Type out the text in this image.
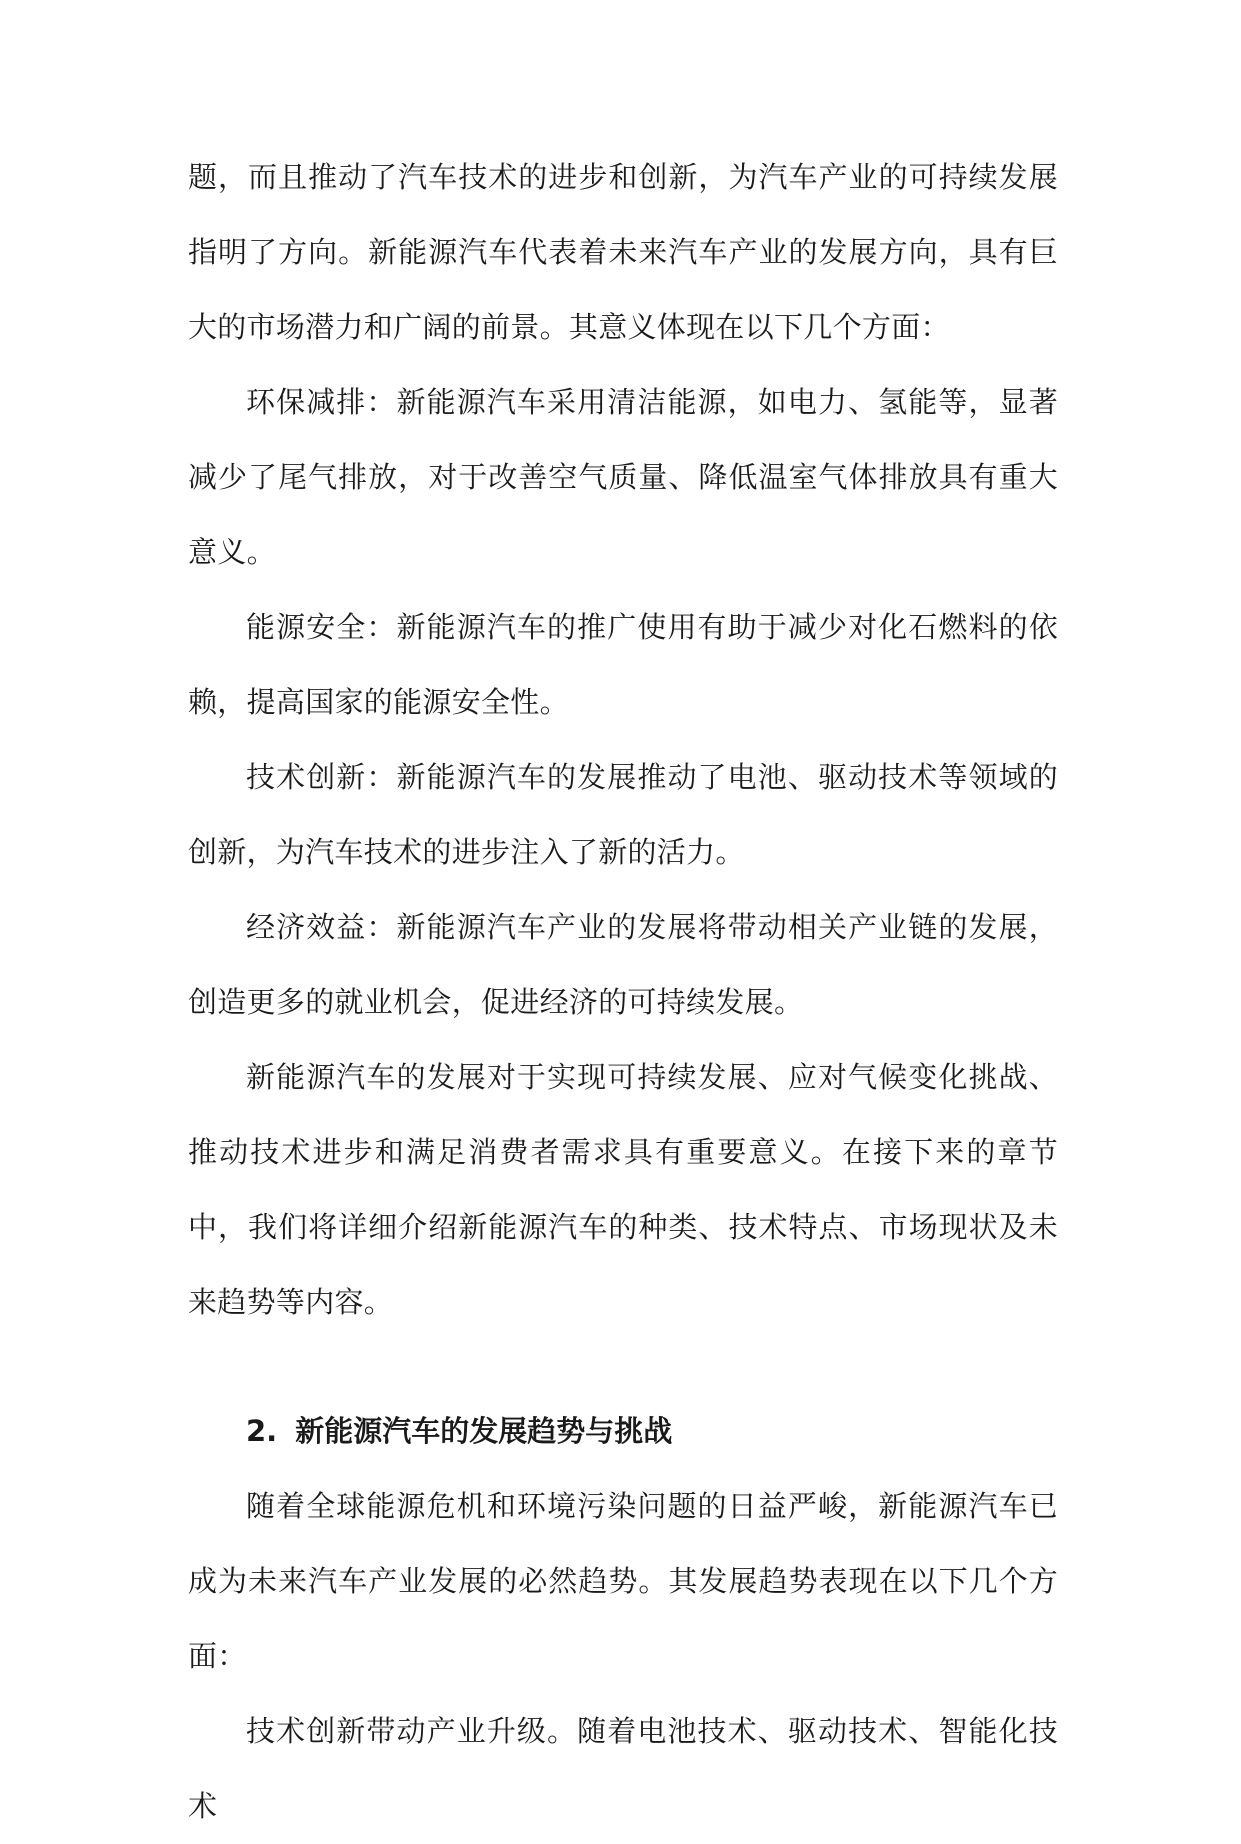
题，而且推动了汽车技术的进步和创新，为汽车产业的可持续发展指明了方向。新能源汽车代表着未来汽车产业的发展方向，具有巨大的市场潜力和广阔的前景。其意义体现在以下几个方面：

环保减排：新能源汽车采用清洁能源，如电力、氢能等，显著减少了尾气排放，对于改善空气质量、降低温室气体排放具有重大意义。

能源安全：新能源汽车的推广使用有助于减少对化石燃料的依赖，提高国家的能源安全性。

技术创新：新能源汽车的发展推动了电池、驱动技术等领域的创新，为汽车技术的进步注入了新的活力。

经济效益：新能源汽车产业的发展将带动相关产业链的发展，创造更多的就业机会，促进经济的可持续发展。

新能源汽车的发展对于实现可持续发展、应对气候变化挑战、推动技术进步和满足消费者需求具有重要意义。在接下来的章节中，我们将详细介绍新能源汽车的种类、技术特点、市场现状及未来趋势等内容。

2. 新能源汽车的发展趋势与挑战

随着全球能源危机和环境污染问题的日益严峻，新能源汽车已成为未来汽车产业发展的必然趋势。其发展趋势表现在以下几个方面：

技术创新带动产业升级。随着电池技术、驱动技术、智能化技术
